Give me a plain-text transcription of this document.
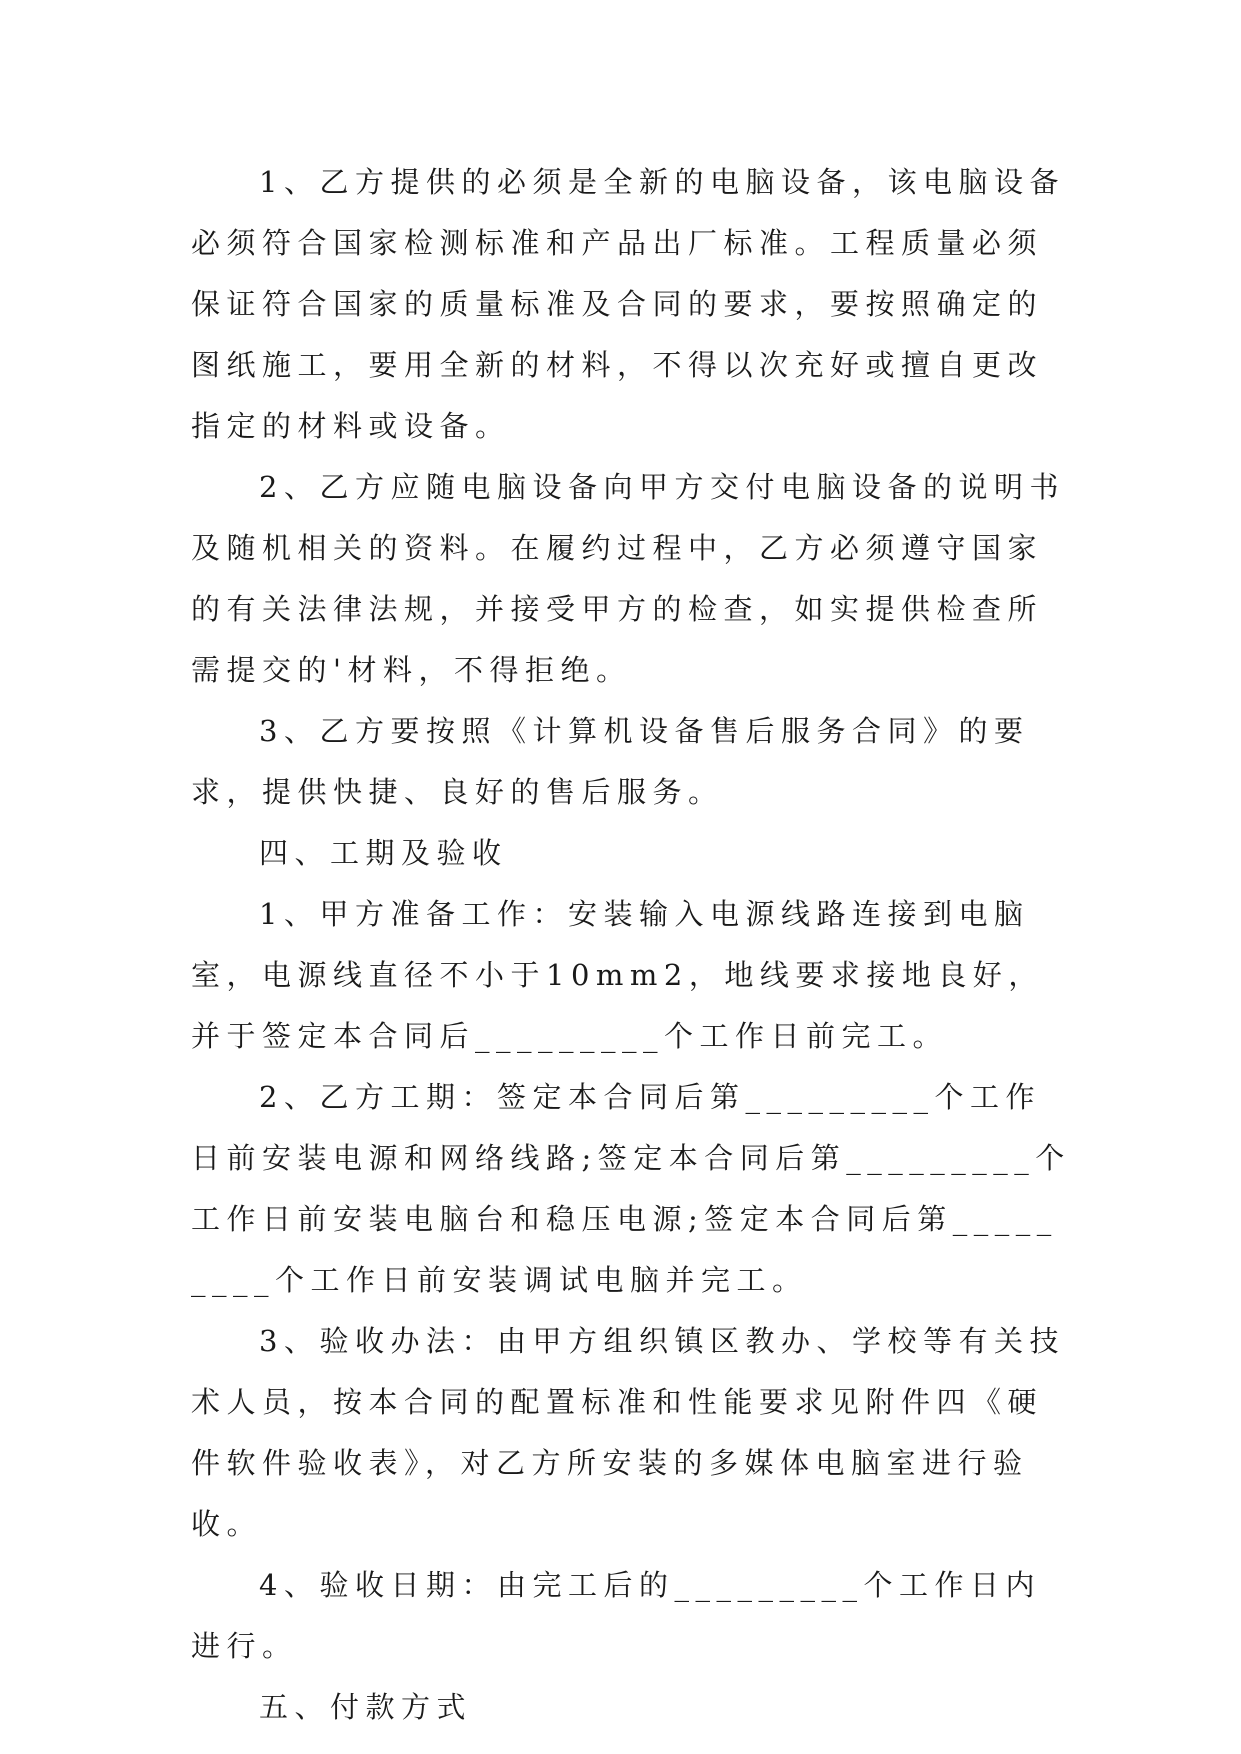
1、乙方提供的必须是全新的电脑设备，该电脑设备必须符合国家检测标准和产品出厂标准。工程质量必须保证符合国家的质量标准及合同的要求，要按照确定的图纸施工，要用全新的材料，不得以次充好或擅自更改指定的材料或设备。

2、乙方应随电脑设备向甲方交付电脑设备的说明书及随机相关的资料。在履约过程中，乙方必须遵守国家的有关法律法规，并接受甲方的检查，如实提供检查所需提交的'材料，不得拒绝。

3、乙方要按照《计算机设备售后服务合同》的要求，提供快捷、良好的售后服务。

四、工期及验收

1、甲方准备工作：安装输入电源线路连接到电脑室，电源线直径不小于10mm2，地线要求接地良好，并于签定本合同后_________个工作日前完工。

2、乙方工期：签定本合同后第_________个工作日前安装电源和网络线路;签定本合同后第_________个工作日前安装电脑台和稳压电源;签定本合同后第_________个工作日前安装调试电脑并完工。

3、验收办法：由甲方组织镇区教办、学校等有关技术人员，按本合同的配置标准和性能要求见附件四《硬件软件验收表》，对乙方所安装的多媒体电脑室进行验收。

4、验收日期：由完工后的_________个工作日内进行。

五、付款方式
